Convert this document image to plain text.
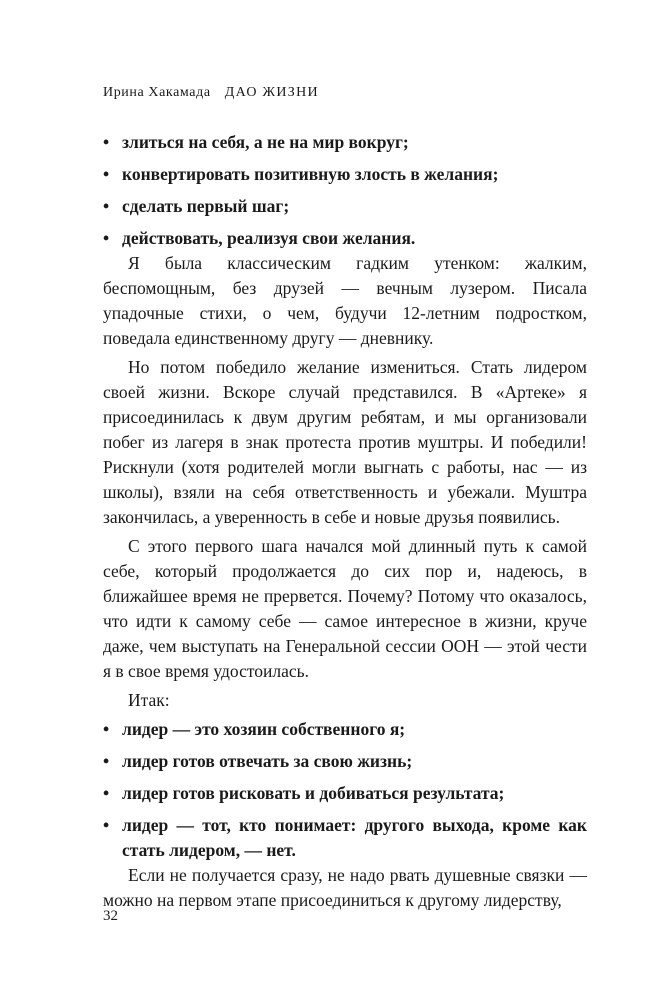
Ирина Хакамада ДАО ЖИЗНИ
• злиться на себя, а не на мир вокруг;
• конвертировать позитивную злость в желания;
• сделать первый шаг;
• действовать, реализуя свои желания.

Я была классическим гадким утенком: жалким, беспомощным, без друзей — вечным лузером. Писала упадочные стихи, о чем, будучи 12-летним подростком, поведала единственному другу — дневнику.

Но потом победило желание измениться. Стать лидером своей жизни. Вскоре случай представился. В «Артеке» я присоединилась к двум другим ребятам, и мы организовали побег из лагеря в знак протеста против муштры. И победили! Рискнули (хотя родителей могли выгнать с работы, нас — из школы), взяли на себя ответственность и убежали. Муштра закончилась, а уверенность в себе и новые друзья появились.

С этого первого шага начался мой длинный путь к самой себе, который продолжается до сих пор и, надеюсь, в ближайшее время не прервется. Почему? Потому что оказалось, что идти к самому себе — самое интересное в жизни, круче даже, чем выступать на Генеральной сессии ООН — этой чести я в свое время удостоилась.

Итак:

• лидер — это хозяин собственного я;
• лидер готов отвечать за свою жизнь;
• лидер готов рисковать и добиваться результата;
• лидер — тот, кто понимает: другого выхода, кроме как стать лидером, — нет.

Если не получается сразу, не надо рвать душевные связки — можно на первом этапе присоединиться к другому лидерству,

32
